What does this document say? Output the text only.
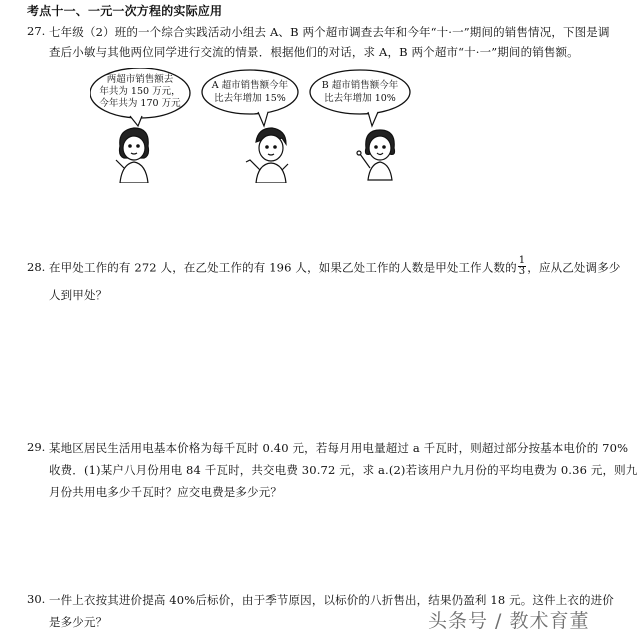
考点十一、一元一次方程的实际应用
27. 七年级（2）班的一个综合实践活动小组去 A、B 两个超市调查去年和今年“十·一”期间的销售情况，下图是调
查后小敏与其他两位同学进行交流的情景．根据他们的对话，求 A，B 两个超市“十·一”期间的销售额。
两超市销售额去
年共为 150 万元，
今年共为 170 万元
A 超市销售额今年
比去年增加 15%
B 超市销售额今年
比去年增加 10%
28. 在甲处工作的有 272 人，在乙处工作的有 196 人，如果乙处工作的人数是甲处工作人数的 $\frac{1}{3}$ ，应从乙处调多少
人到甲处？
29. 某地区居民生活用电基本价格为每千瓦时 0.40 元，若每月用电量超过 a 千瓦时，则超过部分按基本电价的 70%
收费．(1)某户八月份用电 84 千瓦时，共交电费 30.72 元，求 a.(2)若该用户九月份的平均电费为 0.36 元，则九
月份共用电多少千瓦时？应交电费是多少元？
30. 一件上衣按其进价提高 40%后标价，由于季节原因，以标价的八折售出，结果仍盈利 18 元。这件上衣的进价
是多少元？	头条号 / 教术育董
